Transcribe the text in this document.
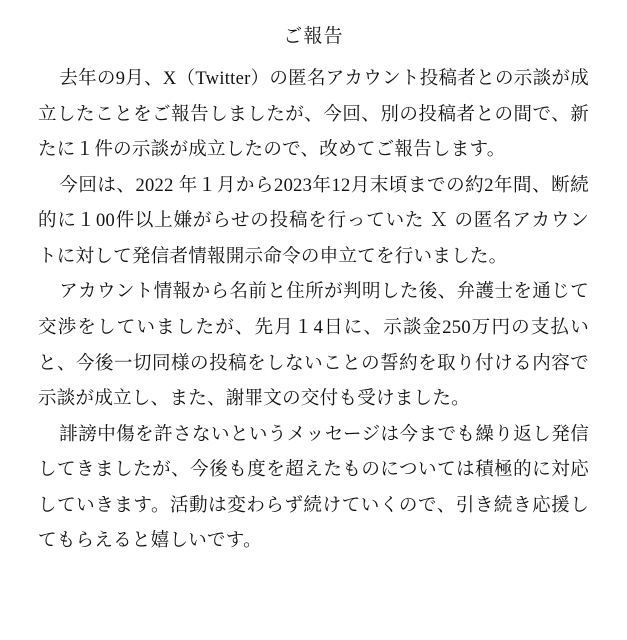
ご報告

去年の9月、X（Twitter）の匿名アカウント投稿者との示談が成立したことをご報告しましたが、今回、別の投稿者との間で、新たに１件の示談が成立したので、改めてご報告します。

今回は、2022 年１月から2023年12月末頃までの約2年間、断続的に１00件以上嫌がらせの投稿を行っていた Ｘ の匿名アカウントに対して発信者情報開示命令の申立てを行いました。

アカウント情報から名前と住所が判明した後、弁護士を通じて交渉をしていましたが、先月１4日に、示談金250万円の支払いと、今後一切同様の投稿をしないことの誓約を取り付ける内容で示談が成立し、また、謝罪文の交付も受けました。

誹謗中傷を許さないというメッセージは今までも繰り返し発信してきましたが、今後も度を超えたものについては積極的に対応していきます。活動は変わらず続けていくので、引き続き応援してもらえると嬉しいです。
